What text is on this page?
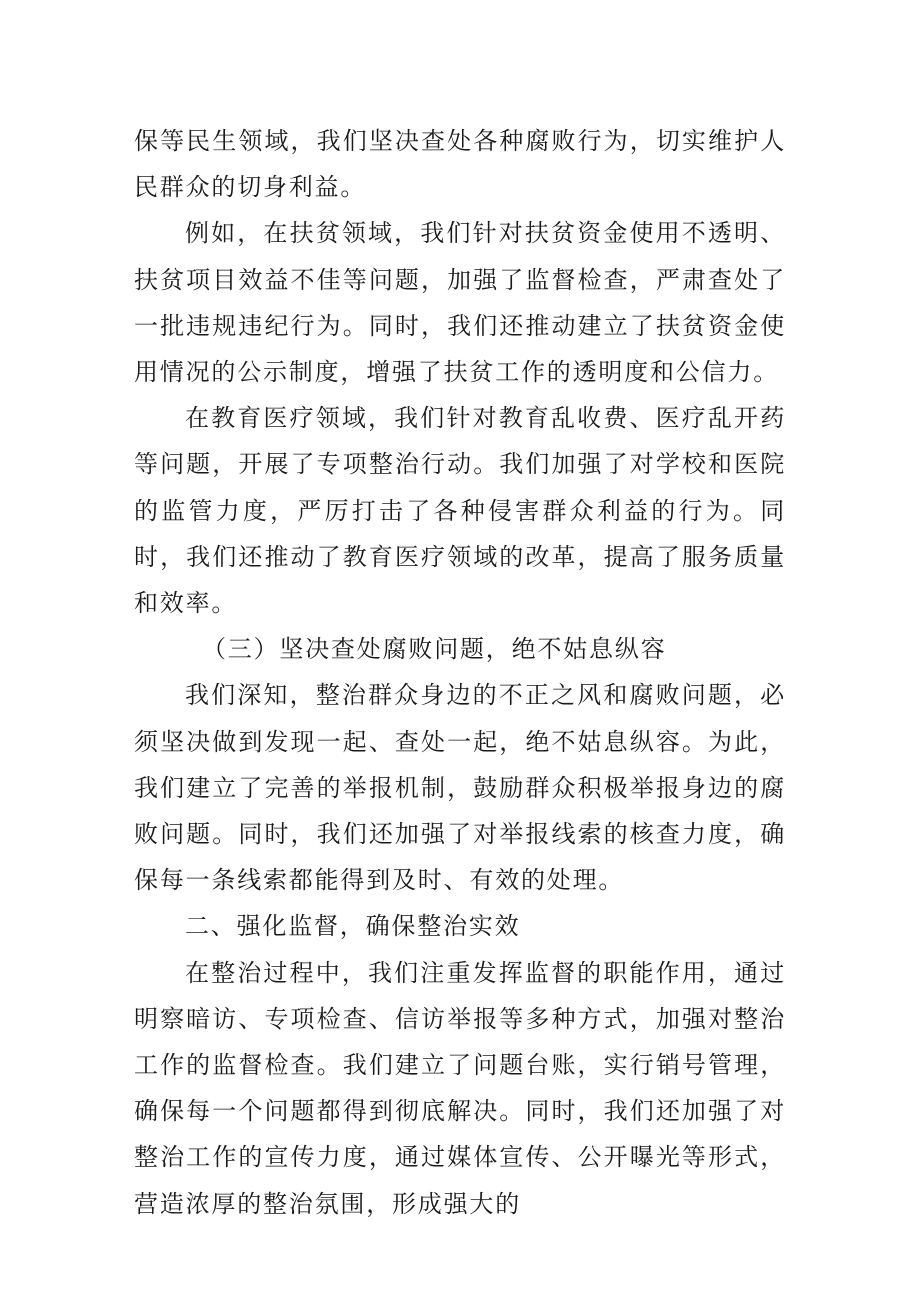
保等民生领域，我们坚决查处各种腐败行为，切实维护人民群众的切身利益。

例如，在扶贫领域，我们针对扶贫资金使用不透明、扶贫项目效益不佳等问题，加强了监督检查，严肃查处了一批违规违纪行为。同时，我们还推动建立了扶贫资金使用情况的公示制度，增强了扶贫工作的透明度和公信力。

在教育医疗领域，我们针对教育乱收费、医疗乱开药等问题，开展了专项整治行动。我们加强了对学校和医院的监管力度，严厉打击了各种侵害群众利益的行为。同时，我们还推动了教育医疗领域的改革，提高了服务质量和效率。

（三）坚决查处腐败问题，绝不姑息纵容

我们深知，整治群众身边的不正之风和腐败问题，必须坚决做到发现一起、查处一起，绝不姑息纵容。为此，我们建立了完善的举报机制，鼓励群众积极举报身边的腐败问题。同时，我们还加强了对举报线索的核查力度，确保每一条线索都能得到及时、有效的处理。

二、强化监督，确保整治实效

在整治过程中，我们注重发挥监督的职能作用，通过明察暗访、专项检查、信访举报等多种方式，加强对整治工作的监督检查。我们建立了问题台账，实行销号管理，确保每一个问题都得到彻底解决。同时，我们还加强了对整治工作的宣传力度，通过媒体宣传、公开曝光等形式，营造浓厚的整治氛围，形成强大的
